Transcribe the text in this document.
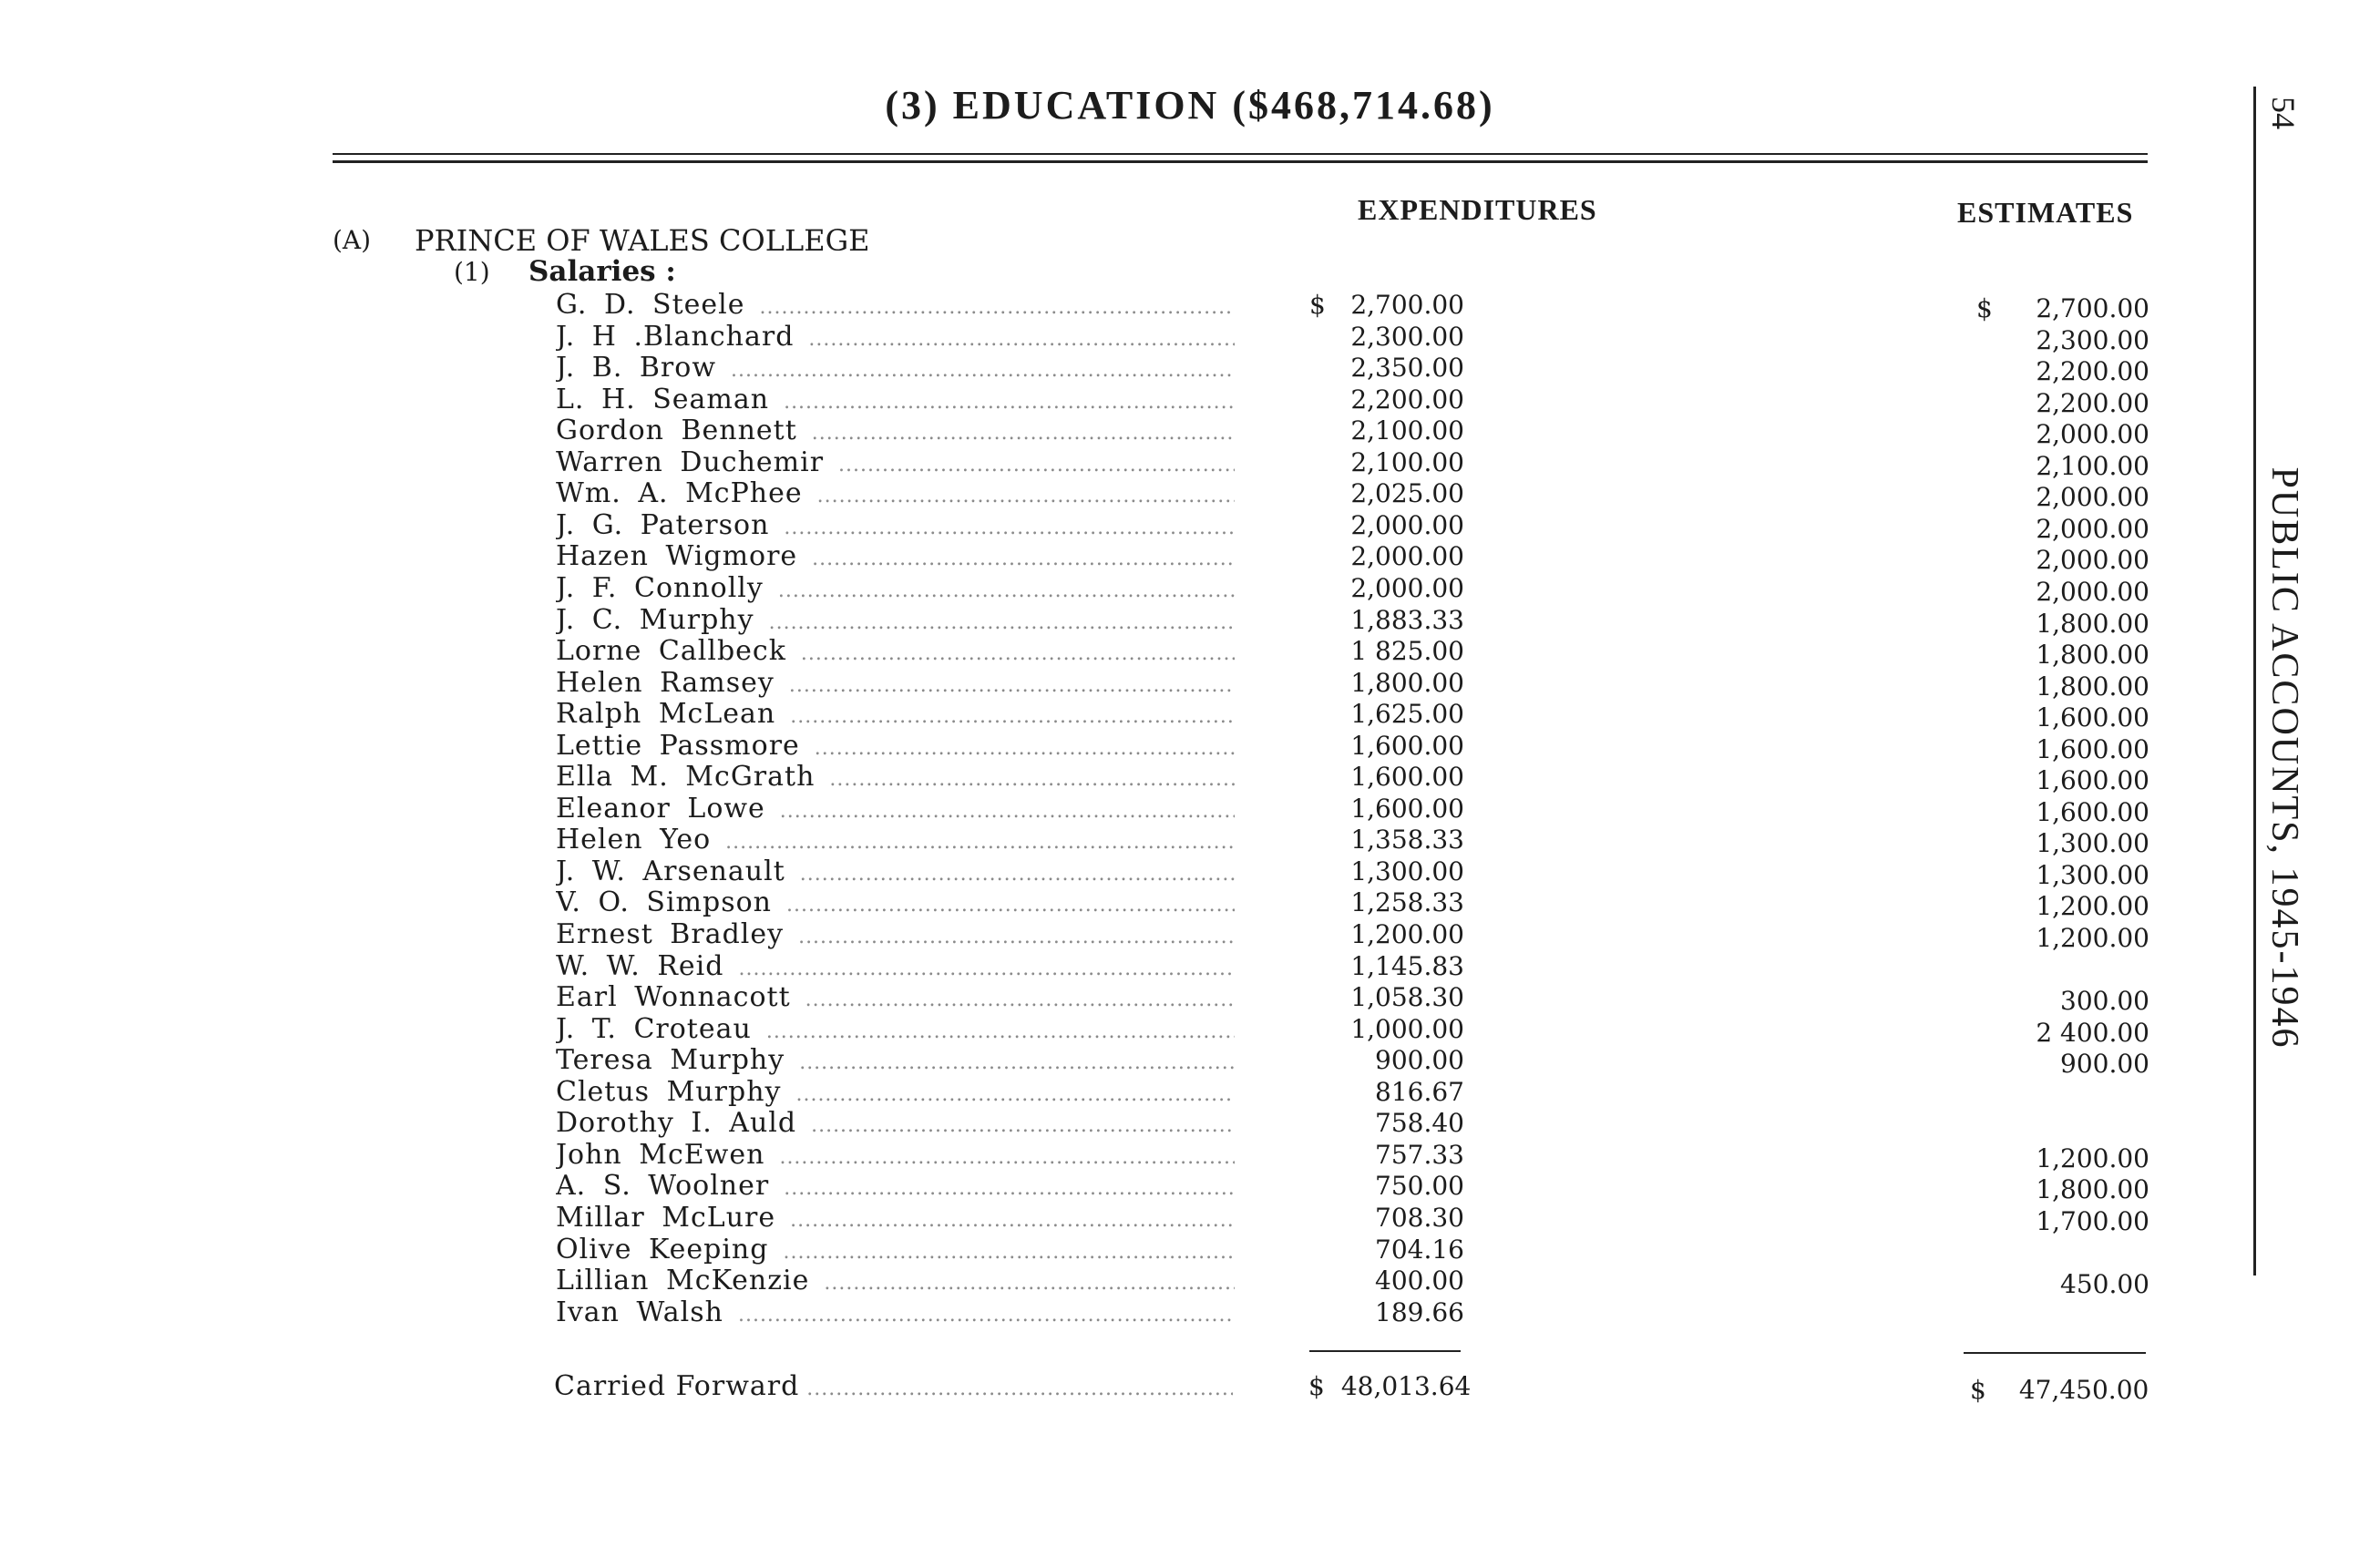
(3) EDUCATION ($468,714.68)	54
PUBLIC ACCOUNTS, 1945-1946
EXPENDITURES	ESTIMATES
(A) PRINCE OF WALES COLLEGE
(1) Salaries :
$	$
G. D. Steele .....	2,700.00	2,700.00
J. H .Blanchard .....	2,300.00	2,300.00
J. B. Brow .....	2,350.00	2,200.00
L. H. Seaman .....	2,200.00	2,200.00
Gordon Bennett .....	2,100.00	2,000.00
Warren Duchemir .....	2,100.00	2,100.00
Wm. A. McPhee .....	2,025.00	2,000.00
J. G. Paterson .....	2,000.00	2,000.00
Hazen Wigmore .....	2,000.00	2,000.00
J. F. Connolly .....	2,000.00	2,000.00
J. C. Murphy .....	1,883.33	1,800.00
Lorne Callbeck .....	1 825.00	1,800.00
Helen Ramsey .....	1,800.00	1,800.00
Ralph McLean .....	1,625.00	1,600.00
Lettie Passmore .....	1,600.00	1,600.00
Ella M. McGrath .....	1,600.00	1,600.00
Eleanor Lowe .....	1,600.00	1,600.00
Helen Yeo .....	1,358.33	1,300.00
J. W. Arsenault .....	1,300.00	1,300.00
V. O. Simpson .....	1,258.33	1,200.00
Ernest Bradley .....	1,200.00	1,200.00
W. W. Reid .....	1,145.83
Earl Wonnacott .....	1,058.30	300.00
J. T. Croteau .....	1,000.00	2 400.00
Teresa Murphy .....	900.00	900.00
Cletus Murphy .....	816.67
Dorothy I. Auld .....	758.40
John McEwen .....	757.33	1,200.00
A. S. Woolner .....	750.00	1,800.00
Millar McLure .....	708.30	1,700.00
Olive Keeping .....	704.16
Lillian McKenzie .....	400.00	450.00
Ivan Walsh .....	189.66
Carried Forward .....	$ 48,013.64	$ 47,450.00
